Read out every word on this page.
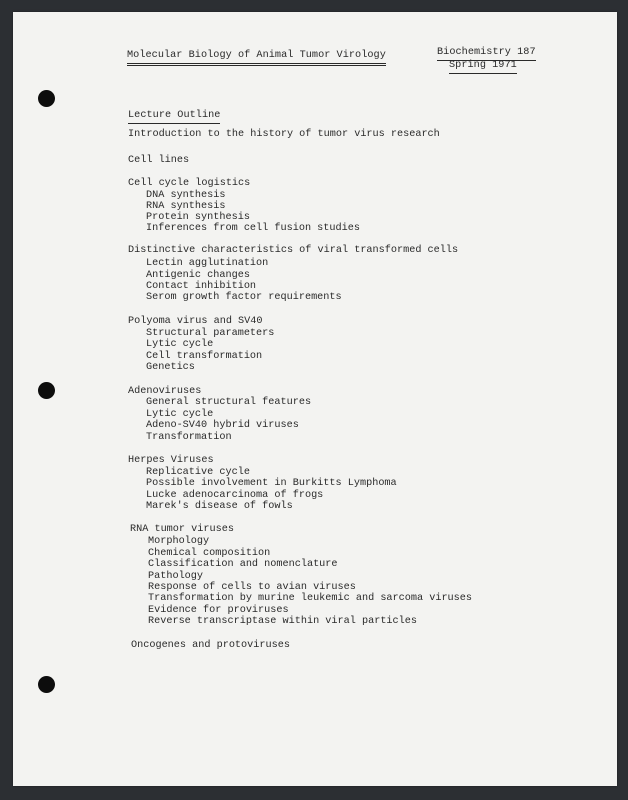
Molecular Biology of Animal Tumor Virology	Biochemistry 187
Spring 1971
Lecture Outline
Introduction to the history of tumor virus research
Cell lines
Cell cycle logistics
DNA synthesis
RNA synthesis
Protein synthesis
Inferences from cell fusion studies
Distinctive characteristics of viral transformed cells
Lectin agglutination
Antigenic changes
Contact inhibition
Serom growth factor requirements
Polyoma virus and SV40
Structural parameters
Lytic cycle
Cell transformation
Genetics
Adenoviruses
General structural features
Lytic cycle
Adeno-SV40 hybrid viruses
Transformation
Herpes Viruses
Replicative cycle
Possible involvement in Burkitts Lymphoma
Lucke adenocarcinoma of frogs
Marek's disease of fowls
RNA tumor viruses
Morphology
Chemical composition
Classification and nomenclature
Pathology
Response of cells to avian viruses
Transformation by murine leukemic and sarcoma viruses
Evidence for proviruses
Reverse transcriptase within viral particles
Oncogenes and protoviruses
